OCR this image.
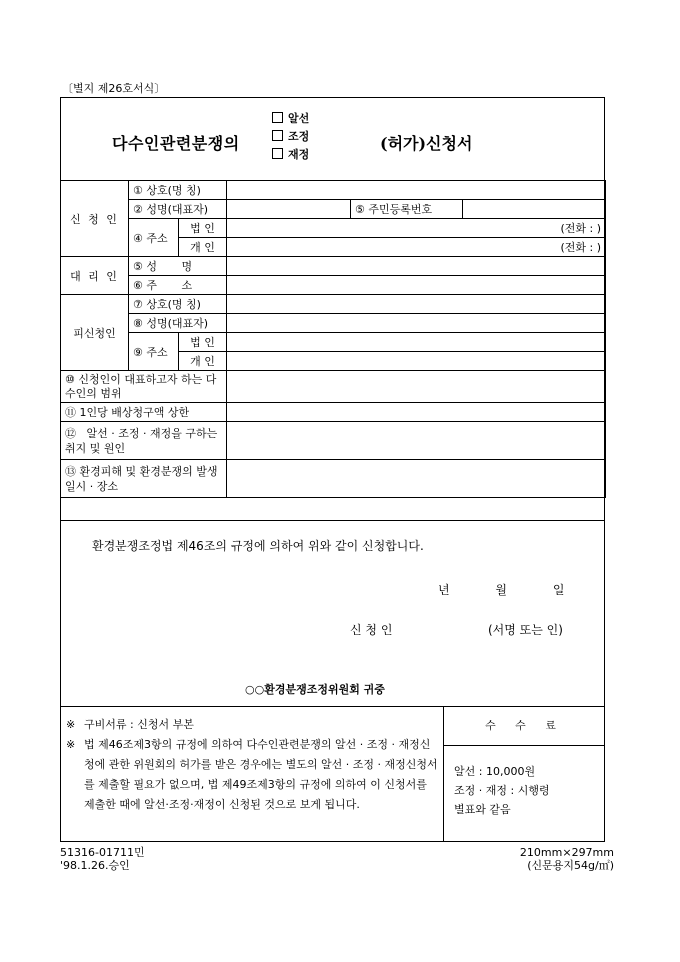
〔별지 제26호서식〕
다수인관련분쟁의
알선
조정
재정
(허가)신청서
신 청 인	① 상호(명 칭)				
	② 성명(대표자)			⑤ 주민등록번호	
	④ 주소	법 인	(전화 : )		

		개 인	(전화 : )		

대 리 인	⑤ 성       명				
	⑥ 주       소				
피신청인	⑦ 상호(명 칭)				
	⑧ 성명(대표자)				
	⑨ 주소	법 인			
		개 인			
⑩ 신청인이 대표하고자 하는 다수인의 범위					
⑪ 1인당 배상청구액 상한					
⑫   알선 · 조정 · 재정을 구하는 취지 및 원인					
⑬ 환경피해 및 환경분쟁의 발생 일시 · 장소					
환경분쟁조정법 제46조의 규정에 의하여 위와 같이 신청합니다.
년 월 일
신 청 인	(서명 또는 인)
○○환경분쟁조정위원회 귀중

※ 구비서류 : 신청서 부본

※ 법 제46조제3항의 규정에 의하여 다수인관련분쟁의 알선 · 조정 · 재정신청에 관한 위원회의 허가를 받은 경우에는 별도의 알선 · 조정 · 재정신청서를 제출할 필요가 없으며, 법 제49조제3항의 규정에 의하여 이 신청서를 제출한 때에 알선·조정·재정이 신청된 것으로 보게 됩니다.

수 수 료
알선 : 10,000원
조정 · 재정 : 시행령
별표와 같음
51316-01711민
'98.1.26.승인
210mm×297mm
(신문용지54g/㎡)
